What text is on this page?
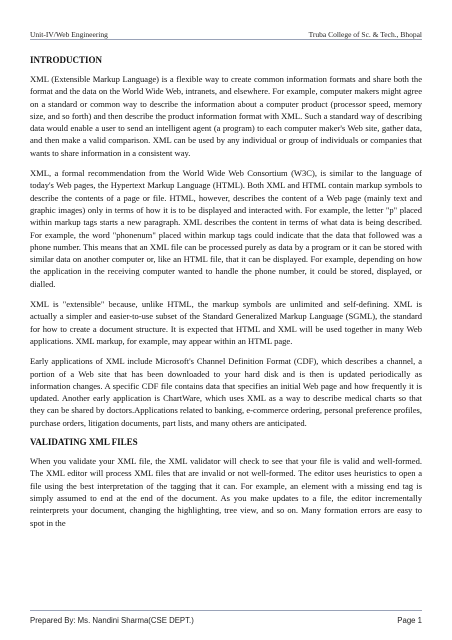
Unit-IV/Web Engineering	Truba College of Sc. & Tech., Bhopal
INTRODUCTION

XML (Extensible Markup Language) is a flexible way to create common information formats and share both the format and the data on the World Wide Web, intranets, and elsewhere. For example, computer makers might agree on a standard or common way to describe the information about a computer product (processor speed, memory size, and so forth) and then describe the product information format with XML. Such a standard way of describing data would enable a user to send an intelligent agent (a program) to each computer maker's Web site, gather data, and then make a valid comparison. XML can be used by any individual or group of individuals or companies that wants to share information in a consistent way.

XML, a formal recommendation from the World Wide Web Consortium (W3C), is similar to the language of today's Web pages, the Hypertext Markup Language (HTML). Both XML and HTML contain markup symbols to describe the contents of a page or file. HTML, however, describes the content of a Web page (mainly text and graphic images) only in terms of how it is to be displayed and interacted with. For example, the letter "p" placed within markup tags starts a new paragraph. XML describes the content in terms of what data is being described. For example, the word "phonenum" placed within markup tags could indicate that the data that followed was a phone number. This means that an XML file can be processed purely as data by a program or it can be stored with similar data on another computer or, like an HTML file, that it can be displayed. For example, depending on how the application in the receiving computer wanted to handle the phone number, it could be stored, displayed, or dialled.

XML is "extensible" because, unlike HTML, the markup symbols are unlimited and self-defining. XML is actually a simpler and easier-to-use subset of the Standard Generalized Markup Language (SGML), the standard for how to create a document structure. It is expected that HTML and XML will be used together in many Web applications. XML markup, for example, may appear within an HTML page.

Early applications of XML include Microsoft's Channel Definition Format (CDF), which describes a channel, a portion of a Web site that has been downloaded to your hard disk and is then is updated periodically as information changes. A specific CDF file contains data that specifies an initial Web page and how frequently it is updated. Another early application is ChartWare, which uses XML as a way to describe medical charts so that they can be shared by doctors.Applications related to banking, e-commerce ordering, personal preference profiles, purchase orders, litigation documents, part lists, and many others are anticipated.

VALIDATING XML FILES

When you validate your XML file, the XML validator will check to see that your file is valid and well-formed. The XML editor will process XML files that are invalid or not well-formed. The editor uses heuristics to open a file using the best interpretation of the tagging that it can. For example, an element with a missing end tag is simply assumed to end at the end of the document. As you make updates to a file, the editor incrementally reinterprets your document, changing the highlighting, tree view, and so on. Many formation errors are easy to spot in the

Prepared By: Ms. Nandini Sharma(CSE DEPT.)	Page 1
